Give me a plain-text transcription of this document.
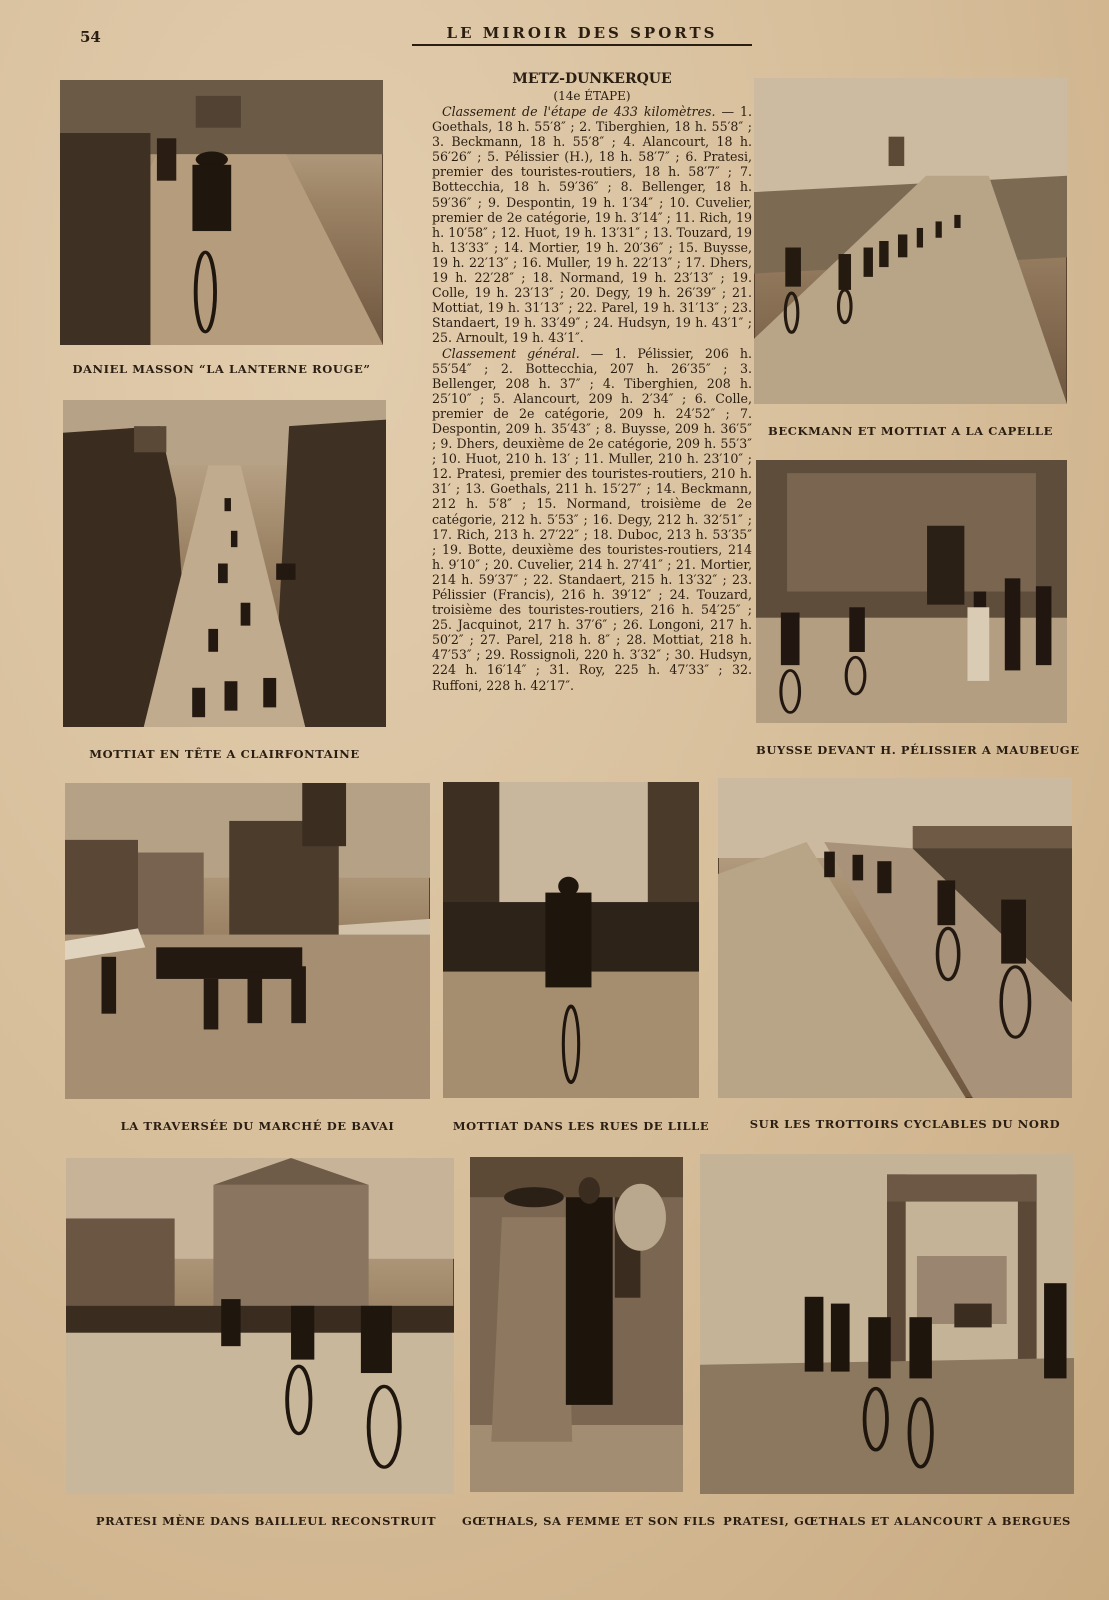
54	LE MIROIR DES SPORTS
METZ-DUNKERQUE
(14e ÉTAPE)

Classement de l'étape de 433 kilomètres. — 1. Goethals, 18 h. 55′8″ ; 2. Tiberghien, 18 h. 55′8″ ; 3. Beckmann, 18 h. 55′8″ ; 4. Alancourt, 18 h. 56′26″ ; 5. Pélissier (H.), 18 h. 58′7″ ; 6. Pratesi, premier des touristes-routiers, 18 h. 58′7″ ; 7. Bottecchia, 18 h. 59′36″ ; 8. Bellenger, 18 h. 59′36″ ; 9. Despontin, 19 h. 1′34″ ; 10. Cuvelier, premier de 2e catégorie, 19 h. 3′14″ ; 11. Rich, 19 h. 10′58″ ; 12. Huot, 19 h. 13′31″ ; 13. Touzard, 19 h. 13′33″ ; 14. Mortier, 19 h. 20′36″ ; 15. Buysse, 19 h. 22′13″ ; 16. Muller, 19 h. 22′13″ ; 17. Dhers, 19 h. 22′28″ ; 18. Normand, 19 h. 23′13″ ; 19. Colle, 19 h. 23′13″ ; 20. Degy, 19 h. 26′39″ ; 21. Mottiat, 19 h. 31′13″ ; 22. Parel, 19 h. 31′13″ ; 23. Standaert, 19 h. 33′49″ ; 24. Hudsyn, 19 h. 43′1″ ; 25. Arnoult, 19 h. 43′1″.

Classement général. — 1. Pélissier, 206 h. 55′54″ ; 2. Bottecchia, 207 h. 26′35″ ; 3. Bellenger, 208 h. 37″ ; 4. Tiberghien, 208 h. 25′10″ ; 5. Alancourt, 209 h. 2′34″ ; 6. Colle, premier de 2e catégorie, 209 h. 24′52″ ; 7. Despontin, 209 h. 35′43″ ; 8. Buysse, 209 h. 36′5″ ; 9. Dhers, deuxième de 2e catégorie, 209 h. 55′3″ ; 10. Huot, 210 h. 13′ ; 11. Muller, 210 h. 23′10″ ; 12. Pratesi, premier des touristes-routiers, 210 h. 31′ ; 13. Goethals, 211 h. 15′27″ ; 14. Beckmann, 212 h. 5′8″ ; 15. Normand, troisième de 2e catégorie, 212 h. 5′53″ ; 16. Degy, 212 h. 32′51″ ; 17. Rich, 213 h. 27′22″ ; 18. Duboc, 213 h. 53′35″ ; 19. Botte, deuxième des touristes-routiers, 214 h. 9′10″ ; 20. Cuvelier, 214 h. 27′41″ ; 21. Mortier, 214 h. 59′37″ ; 22. Standaert, 215 h. 13′32″ ; 23. Pélissier (Francis), 216 h. 39′12″ ; 24. Touzard, troisième des touristes-routiers, 216 h. 54′25″ ; 25. Jacquinot, 217 h. 37′6″ ; 26. Longoni, 217 h. 50′2″ ; 27. Parel, 218 h. 8″ ; 28. Mottiat, 218 h. 47′53″ ; 29. Rossignoli, 220 h. 3′32″ ; 30. Hudsyn, 224 h. 16′14″ ; 31. Roy, 225 h. 47′33″ ; 32. Ruffoni, 228 h. 42′17″.

DANIEL MASSON “LA LANTERNE ROUGE”
BECKMANN ET MOTTIAT A LA CAPELLE
MOTTIAT EN TÊTE A CLAIRFONTAINE	BUYSSE DEVANT H. PÉLISSIER A MAUBEUGE
LA TRAVERSÉE DU MARCHÉ DE BAVAI	MOTTIAT DANS LES RUES DE LILLE	SUR LES TROTTOIRS CYCLABLES DU NORD
PRATESI MÈNE DANS BAILLEUL RECONSTRUIT	GŒTHALS, SA FEMME ET SON FILS PRATESI, GŒTHALS ET ALANCOURT A BERGUES
